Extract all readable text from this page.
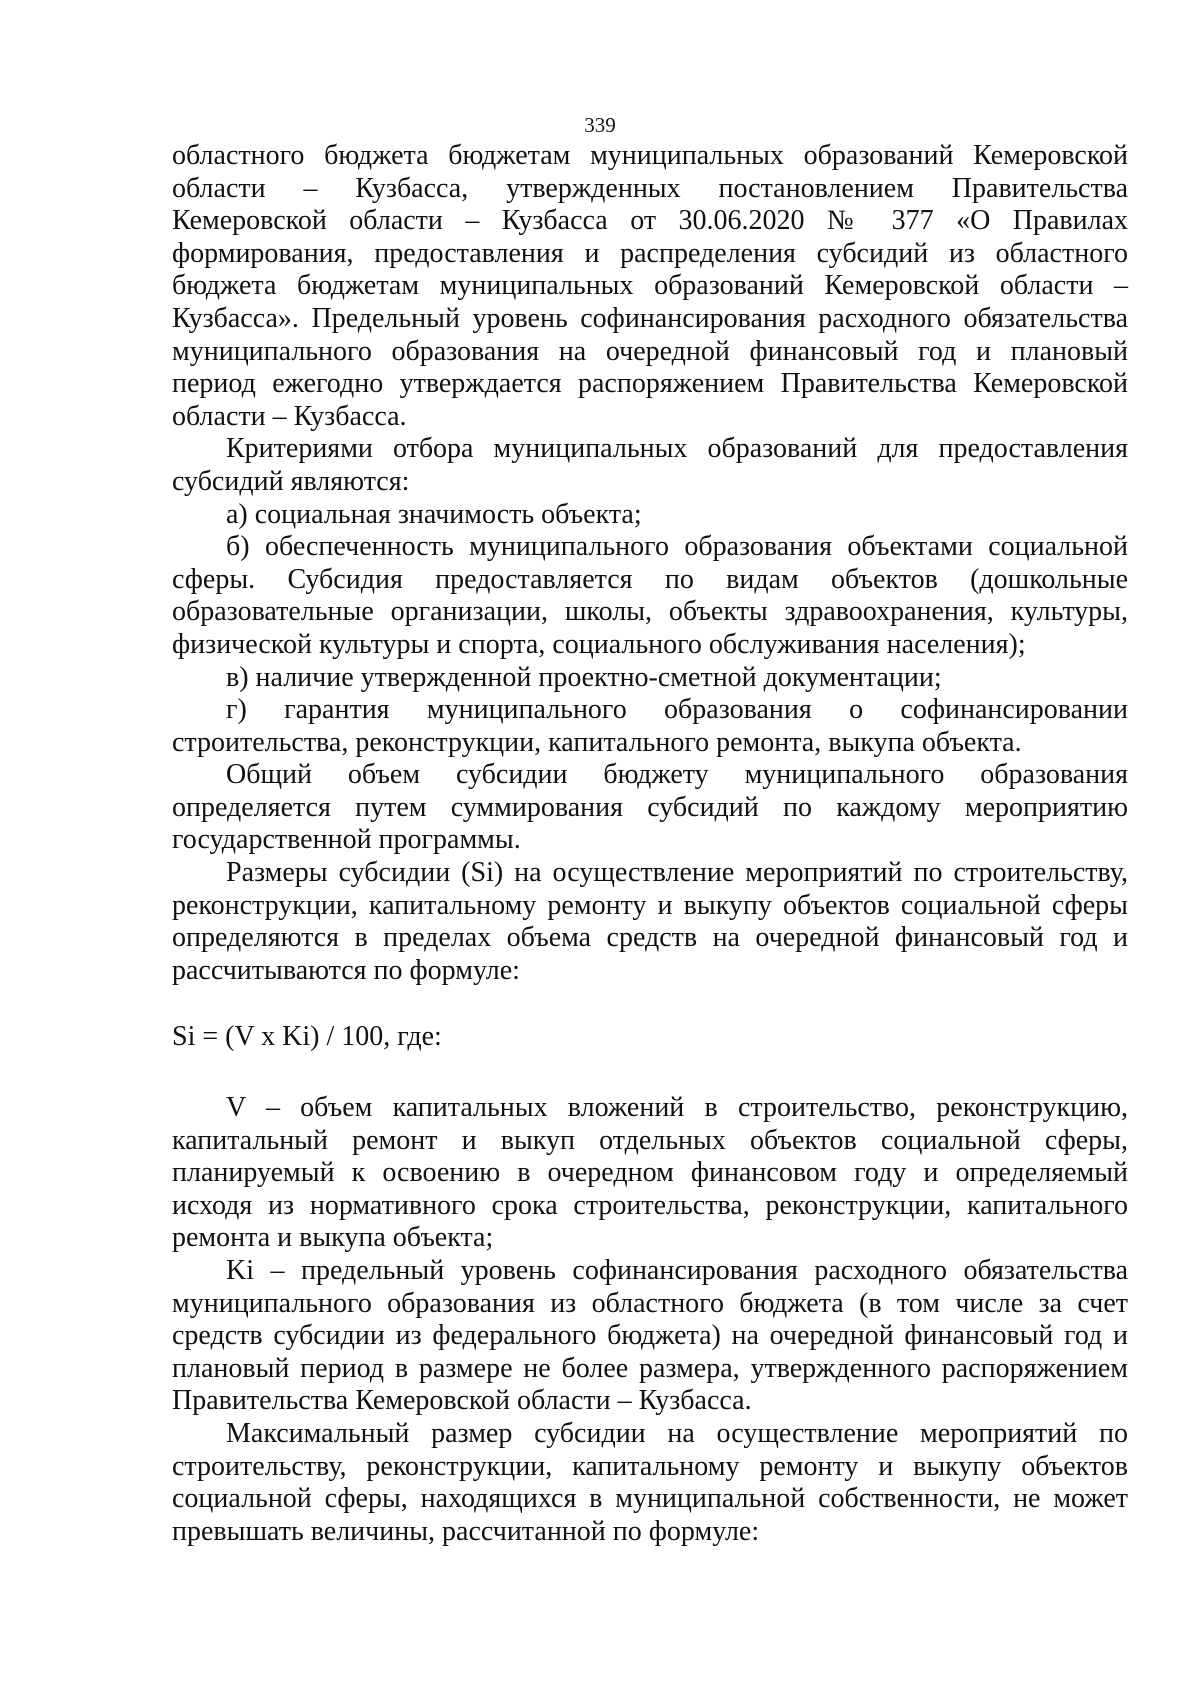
339

областного бюджета бюджетам муниципальных образований Кемеровской области – Кузбасса, утвержденных постановлением Правительства Кемеровской области – Кузбасса от 30.06.2020 № 377 «О Правилах формирования, предоставления и распределения субсидий из областного бюджета бюджетам муниципальных образований Кемеровской области – Кузбасса». Предельный уровень софинансирования расходного обязательства муниципального образования на очередной финансовый год и плановый период ежегодно утверждается распоряжением Правительства Кемеровской области – Кузбасса.

Критериями отбора муниципальных образований для предоставления субсидий являются:

а) социальная значимость объекта;

б) обеспеченность муниципального образования объектами социальной сферы. Субсидия предоставляется по видам объектов (дошкольные образовательные организации, школы, объекты здравоохранения, культуры, физической культуры и спорта, социального обслуживания населения);

в) наличие утвержденной проектно-сметной документации;

г) гарантия муниципального образования о софинансировании строительства, реконструкции, капитального ремонта, выкупа объекта.

Общий объем субсидии бюджету муниципального образования определяется путем суммирования субсидий по каждому мероприятию государственной программы.

Размеры субсидии (Si) на осуществление мероприятий по строительству, реконструкции, капитальному ремонту и выкупу объектов социальной сферы определяются в пределах объема средств на очередной финансовый год и рассчитываются по формуле:

Si = (V x Ki) / 100, где:

V – объем капитальных вложений в строительство, реконструкцию, капитальный ремонт и выкуп отдельных объектов социальной сферы, планируемый к освоению в очередном финансовом году и определяемый исходя из нормативного срока строительства, реконструкции, капитального ремонта и выкупа объекта;

Ki – предельный уровень софинансирования расходного обязательства муниципального образования из областного бюджета (в том числе за счет средств субсидии из федерального бюджета) на очередной финансовый год и плановый период в размере не более размера, утвержденного распоряжением Правительства Кемеровской области – Кузбасса.

Максимальный размер субсидии на осуществление мероприятий по строительству, реконструкции, капитальному ремонту и выкупу объектов социальной сферы, находящихся в муниципальной собственности, не может превышать величины, рассчитанной по формуле:
